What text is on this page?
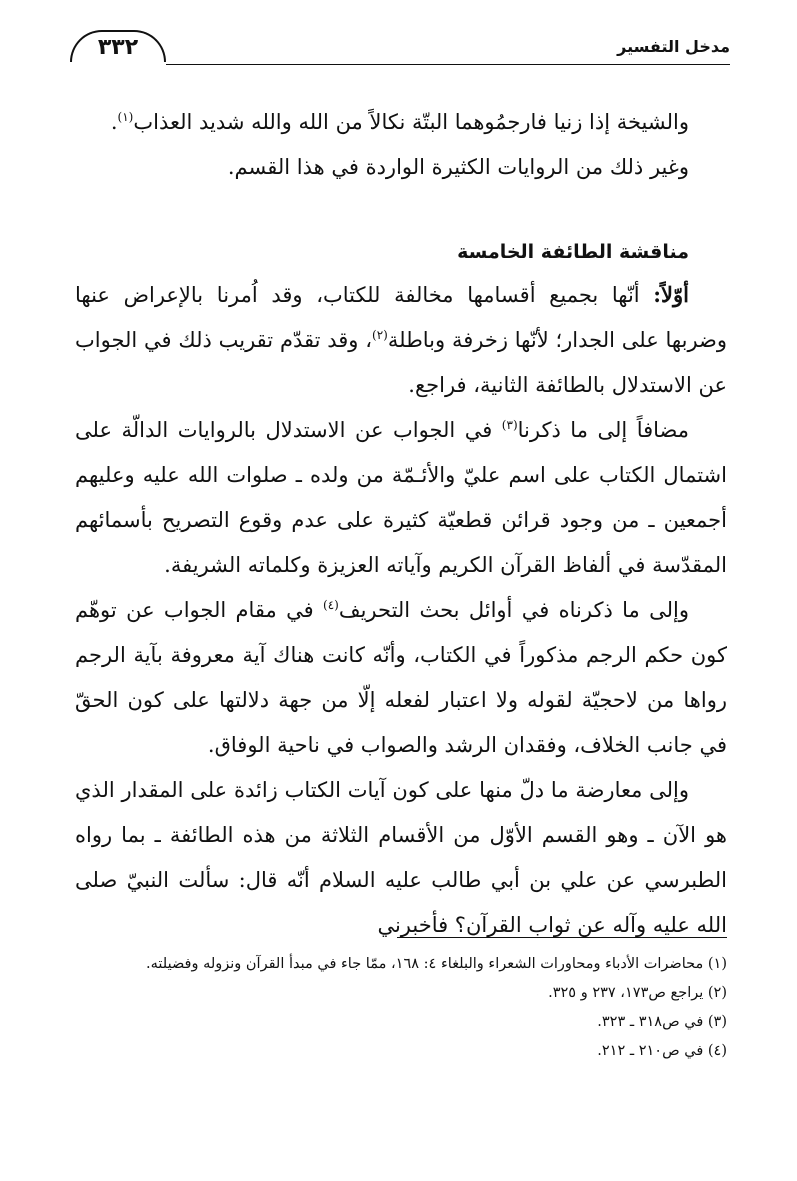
٣٣٢	مدخل التفسير

والشيخة إذا زنيا فارجمُوهما البتّة نكالاً من الله والله شديد العذاب$^{(١)}$.

وغير ذلك من الروايات الكثيرة الواردة في هذا القسم.

مناقشة الطائفة الخامسة

أوّلاً: أنّها بجميع أقسامها مخالفة للكتاب، وقد اُمرنا بالإعراض عنها وضربها على الجدار؛ لأنّها زخرفة وباطلة$^{(٢)}$، وقد تقدّم تقريب ذلك في الجواب عن الاستدلال بالطائفة الثانية، فراجع.

مضافاً إلى ما ذكرنا$^{(٣)}$ في الجواب عن الاستدلال بالروايات الدالّة على اشتمال الكتاب على اسم عليّ والأئـمّة من ولده ـ صلوات الله عليه وعليهم أجمعين ـ من وجود قرائن قطعيّة كثيرة على عدم وقوع التصريح بأسمائهم المقدّسة في ألفاظ القرآن الكريم وآياته العزيزة وكلماته الشريفة.

وإلى ما ذكرناه في أوائل بحث التحريف$^{(٤)}$ في مقام الجواب عن توهّم كون حكم الرجم مذكوراً في الكتاب، وأنّه كانت هناك آية معروفة بآية الرجم رواها من لاحجيّة لقوله ولا اعتبار لفعله إلّا من جهة دلالتها على كون الحقّ في جانب الخلاف، وفقدان الرشد والصواب في ناحية الوفاق.

وإلى معارضة ما دلّ منها على كون آيات الكتاب زائدة على المقدار الذي هو الآن ـ وهو القسم الأوّل من الأقسام الثلاثة من هذه الطائفة ـ بما رواه الطبرسي عن علي بن أبي طالب عليه السلام أنّه قال: سألت النبيّ صلى الله عليه وآله عن ثواب القرآن؟ فأخبرني

(١) محاضرات الأدباء ومحاورات الشعراء والبلغاء ٤: ١٦٨، ممّا جاء في مبدأ القرآن ونزوله وفضيلته.

(٢) يراجع ص١٧٣، ٢٣٧ و ٣٢٥.

(٣) في ص٣١٨ ـ ٣٢٣.

(٤) في ص٢١٠ ـ ٢١٢.
